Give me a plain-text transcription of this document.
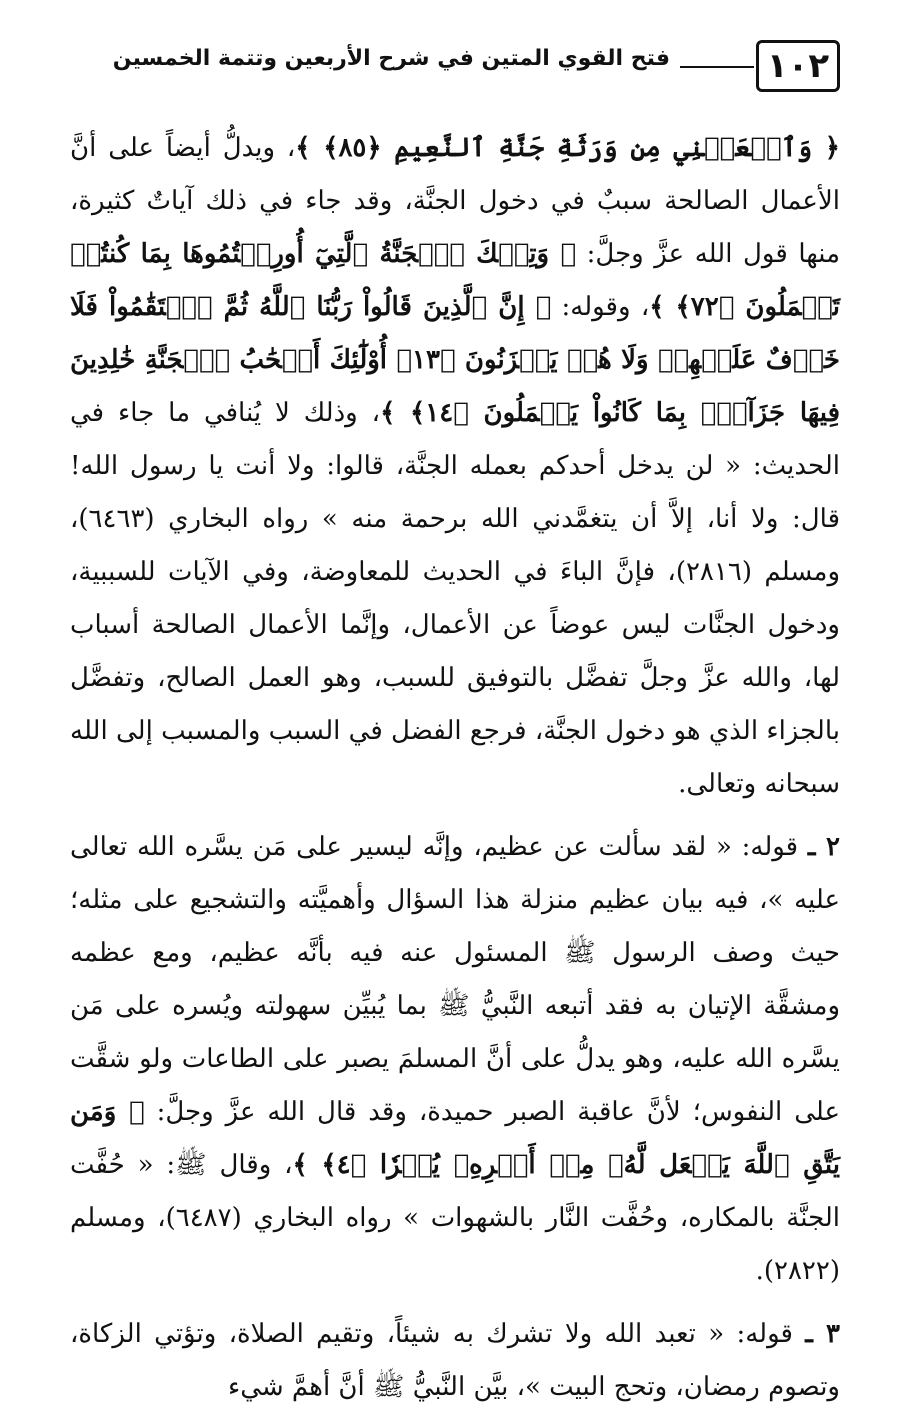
١٠٢
فتح القوي المتين في شرح الأربعين وتتمة الخمسين

﴿ وَٱجۡعَلۡنِي مِن وَرَثَةِ جَنَّةِ ٱلنَّعِيمِ ﴿٨٥﴾ ﴾، ويدلُّ أيضاً على أنَّ الأعمال الصالحة سببٌ في دخول الجنَّة، وقد جاء في ذلك آياتٌ كثيرة، منها قول الله عزَّ وجلَّ: ﴿ وَتِلۡكَ ٱلۡجَنَّةُ ٱلَّتِيٓ أُورِثۡتُمُوهَا بِمَا كُنتُمۡ تَعۡمَلُونَ ﴿٧٢﴾ ﴾، وقوله: ﴿ إِنَّ ٱلَّذِينَ قَالُواْ رَبُّنَا ٱللَّهُ ثُمَّ ٱسۡتَقَٰمُواْ فَلَا خَوۡفٌ عَلَيۡهِمۡ وَلَا هُمۡ يَحۡزَنُونَ ﴿١٣﴾ أُوْلَٰٓئِكَ أَصۡحَٰبُ ٱلۡجَنَّةِ خَٰلِدِينَ فِيهَا جَزَآءَۢ بِمَا كَانُواْ يَعۡمَلُونَ ﴿١٤﴾ ﴾، وذلك لا يُنافي ما جاء في الحديث: « لن يدخل أحدكم بعمله الجنَّة، قالوا: ولا أنت يا رسول الله! قال: ولا أنا، إلاَّ أن يتغمَّدني الله برحمة منه » رواه البخاري (٦٤٦٣)، ومسلم (٢٨١٦)، فإنَّ الباءَ في الحديث للمعاوضة، وفي الآيات للسببية، ودخول الجنَّات ليس عوضاً عن الأعمال، وإنَّما الأعمال الصالحة أسباب لها، والله عزَّ وجلَّ تفضَّل بالتوفيق للسبب، وهو العمل الصالح، وتفضَّل بالجزاء الذي هو دخول الجنَّة، فرجع الفضل في السبب والمسبب إلى الله سبحانه وتعالى.

٢ ـ قوله: « لقد سألت عن عظيم، وإنَّه ليسير على مَن يسَّره الله تعالى عليه »، فيه بيان عظيم منزلة هذا السؤال وأهميَّته والتشجيع على مثله؛ حيث وصف الرسول ﷺ المسئول عنه فيه بأنَّه عظيم، ومع عظمه ومشقَّة الإتيان به فقد أتبعه النَّبيُّ ﷺ بما يُبيِّن سهولته ويُسره على مَن يسَّره الله عليه، وهو يدلُّ على أنَّ المسلمَ يصبر على الطاعات ولو شقَّت على النفوس؛ لأنَّ عاقبة الصبر حميدة، وقد قال الله عزَّ وجلَّ: ﴿ وَمَن يَتَّقِ ٱللَّهَ يَجۡعَل لَّهُۥ مِنۡ أَمۡرِهِۦ يُسۡرٗا ﴿٤﴾ ﴾، وقال ﷺ: « حُفَّت الجنَّة بالمكاره، وحُفَّت النَّار بالشهوات » رواه البخاري (٦٤٨٧)، ومسلم (٢٨٢٢).

٣ ـ قوله: « تعبد الله ولا تشرك به شيئاً، وتقيم الصلاة، وتؤتي الزكاة، وتصوم رمضان، وتحج البيت »، بيَّن النَّبيُّ ﷺ أنَّ أهمَّ شيء
